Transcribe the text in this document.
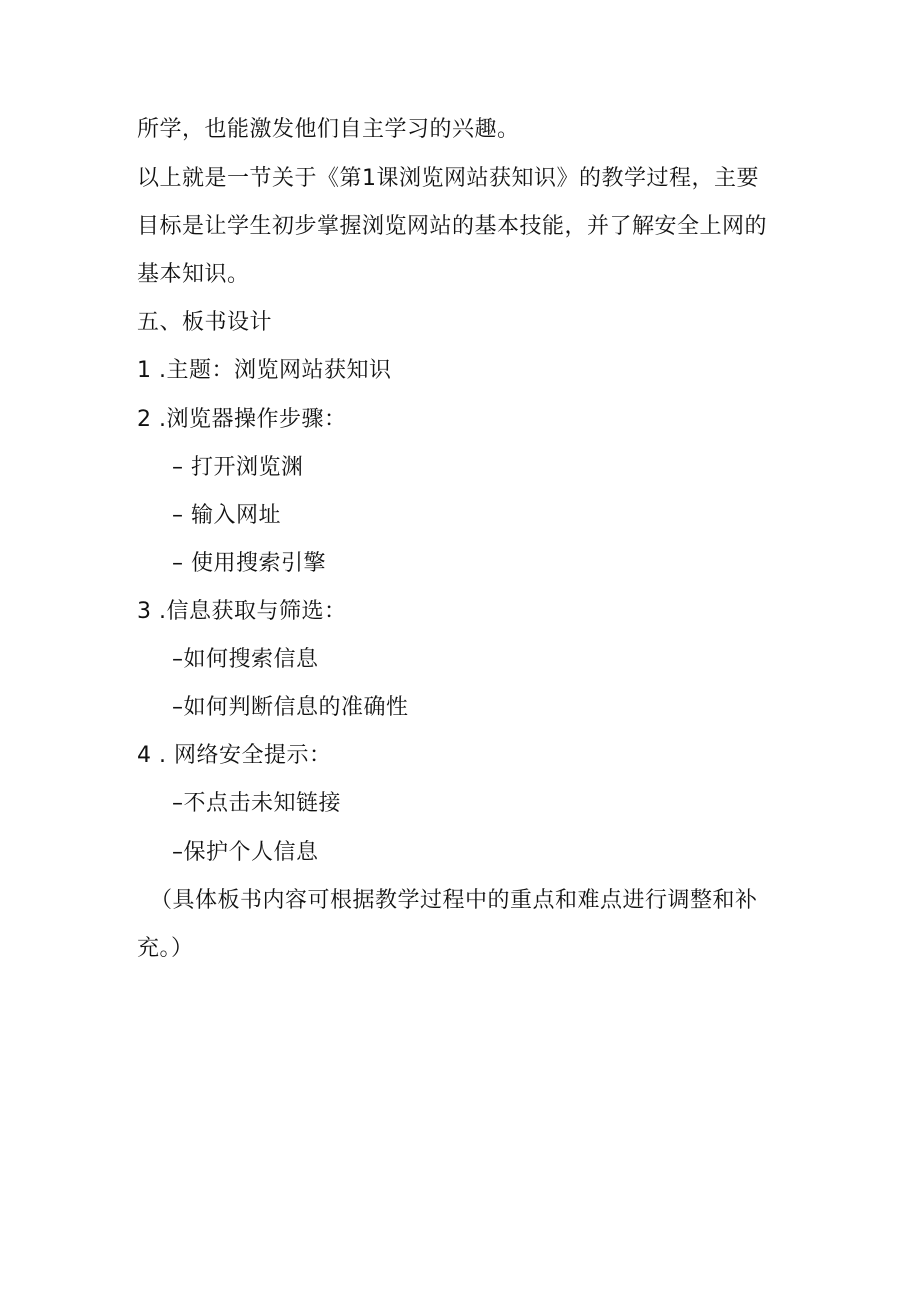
所学，也能激发他们自主学习的兴趣。
以上就是一节关于《第1课浏览网站获知识》的教学过程，主要
目标是让学生初步掌握浏览网站的基本技能，并了解安全上网的
基本知识。
五、板书设计
1 .主题：浏览网站获知识
2 .浏览器操作步骤：
– 打开浏览渊
– 输入网址
– 使用搜索引擎
3 .信息获取与筛选：
–如何搜索信息
–如何判断信息的准确性
4 . 网络安全提示：
–不点击未知链接
–保护个人信息
（具体板书内容可根据教学过程中的重点和难点进行调整和补
充。）
